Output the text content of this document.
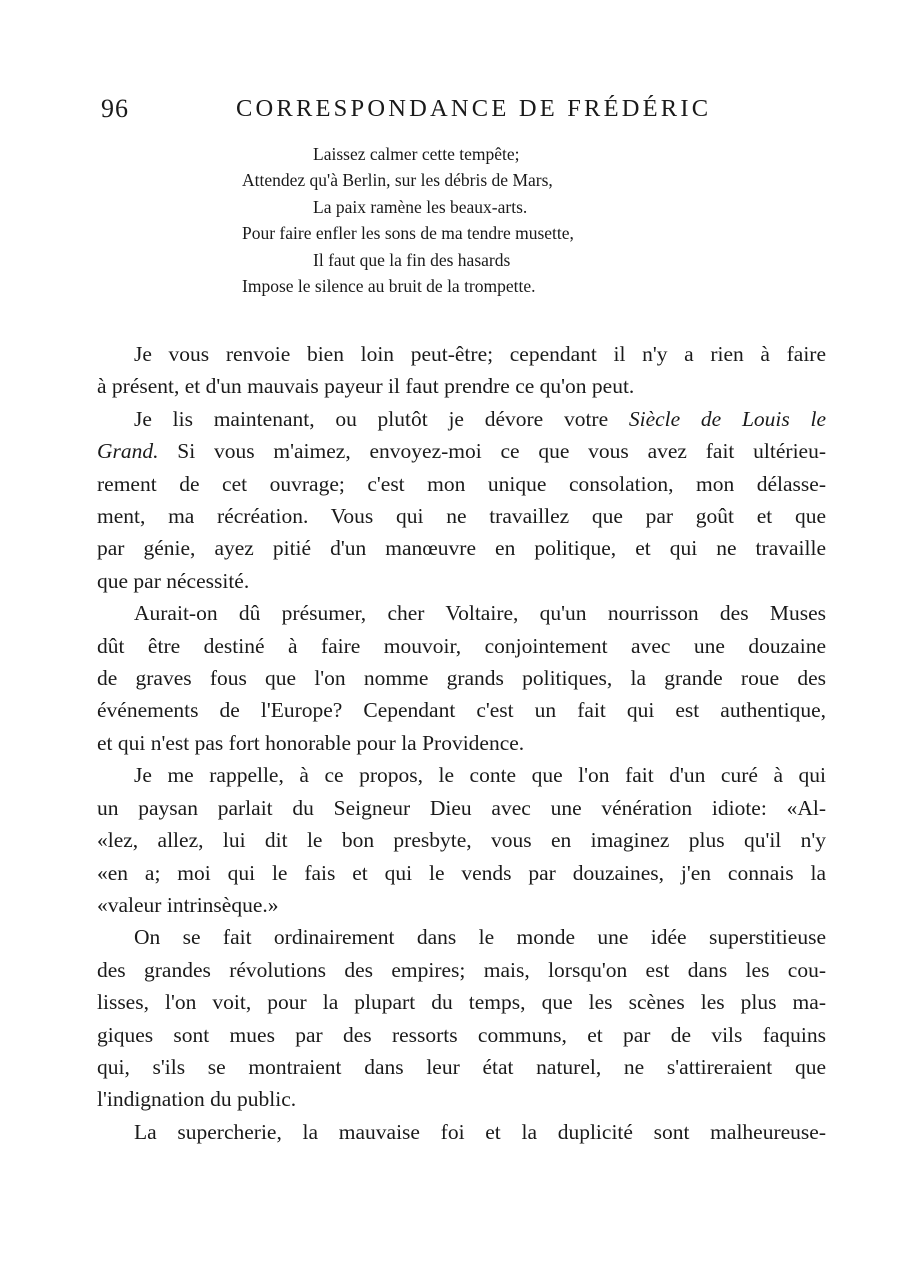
96	CORRESPONDANCE DE FRÉDÉRIC
Laissez calmer cette tempête;
Attendez qu'à Berlin, sur les débris de Mars,
La paix ramène les beaux-arts.
Pour faire enfler les sons de ma tendre musette,
Il faut que la fin des hasards
Impose le silence au bruit de la trompette.

Je vous renvoie bien loin peut-être; cependant il n'y a rien à faire
à présent, et d'un mauvais payeur il faut prendre ce qu'on peut.

Je lis maintenant, ou plutôt je dévore votre Siècle de Louis le
Grand. Si vous m'aimez, envoyez-moi ce que vous avez fait ultérieu-
rement de cet ouvrage; c'est mon unique consolation, mon délasse-
ment, ma récréation. Vous qui ne travaillez que par goût et que
par génie, ayez pitié d'un manœuvre en politique, et qui ne travaille
que par nécessité.

Aurait-on dû présumer, cher Voltaire, qu'un nourrisson des Muses
dût être destiné à faire mouvoir, conjointement avec une douzaine
de graves fous que l'on nomme grands politiques, la grande roue des
événements de l'Europe? Cependant c'est un fait qui est authentique,
et qui n'est pas fort honorable pour la Providence.

Je me rappelle, à ce propos, le conte que l'on fait d'un curé à qui
un paysan parlait du Seigneur Dieu avec une vénération idiote: «Al-
«lez, allez, lui dit le bon presbyte, vous en imaginez plus qu'il n'y
«en a; moi qui le fais et qui le vends par douzaines, j'en connais la
«valeur intrinsèque.»

On se fait ordinairement dans le monde une idée superstitieuse
des grandes révolutions des empires; mais, lorsqu'on est dans les cou-
lisses, l'on voit, pour la plupart du temps, que les scènes les plus ma-
giques sont mues par des ressorts communs, et par de vils faquins
qui, s'ils se montraient dans leur état naturel, ne s'attireraient que
l'indignation du public.

La supercherie, la mauvaise foi et la duplicité sont malheureuse-
